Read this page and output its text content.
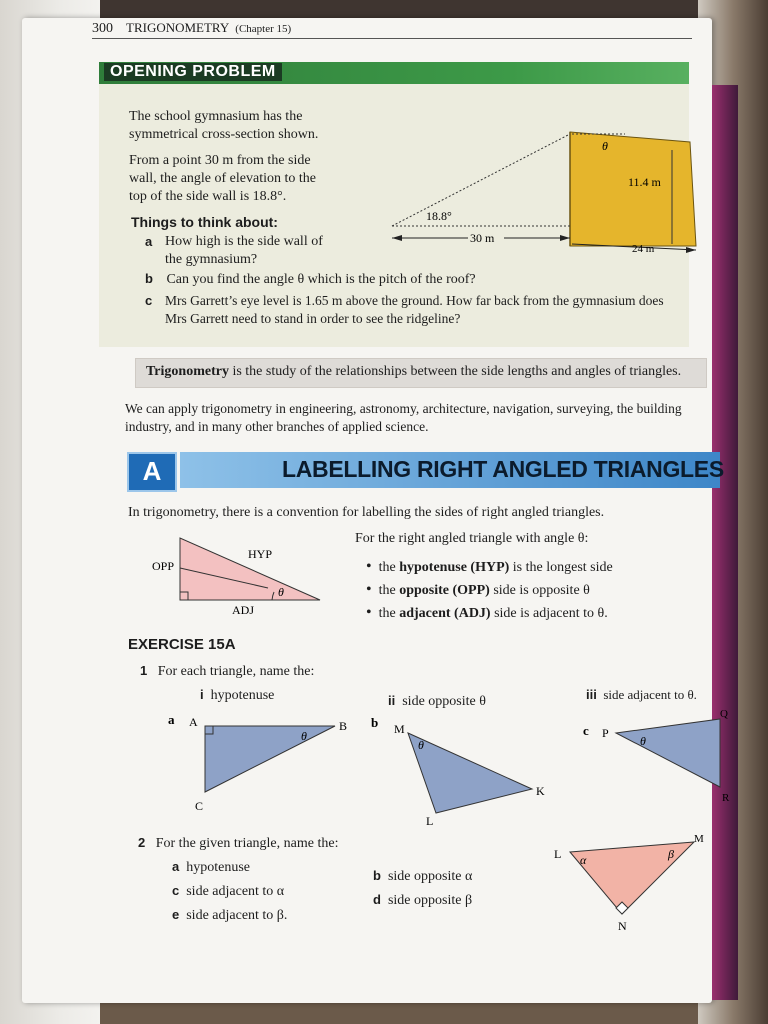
300 TRIGONOMETRY (Chapter 15)
OPENING PROBLEM
The school gymnasium has the
symmetrical cross-section shown.
From a point 30 m from the side
wall, the angle of elevation to the
top of the side wall is 18.8°.
Things to think about:
a How high is the side wall of
the gymnasium?
b Can you find the angle θ which is the pitch of the roof?
c Mrs Garrett’s eye level is 1.65 m above the ground. How far back from the gymnasium does
Mrs Garrett need to stand in order to see the ridgeline?
30 m
18.8°
θ
11.4 m
24 m
Trigonometry is the study of the relationships between the side lengths and angles of triangles.
We can apply trigonometry in engineering, astronomy, architecture, navigation, surveying, the building
industry, and in many other branches of applied science.
A	LABELLING RIGHT ANGLED TRIANGLES
In trigonometry, there is a convention for labelling the sides of right angled triangles.
HYP
OPP
ADJ
θ
For the right angled triangle with angle θ:
• the hypotenuse (HYP) is the longest side
• the opposite (OPP) side is opposite θ
• the adjacent (ADJ) side is adjacent to θ.
EXERCISE 15A
1 For each triangle, name the:
i hypotenuse	ii side opposite θ	iii side adjacent to θ.
a A	B
C
θ
b M
K
L
θ
c P
Q
R
θ
2 For the given triangle, name the:
a hypotenuse
c side adjacent to α
e side adjacent to β.
b side opposite α
d side opposite β
L
M
N
α	β
